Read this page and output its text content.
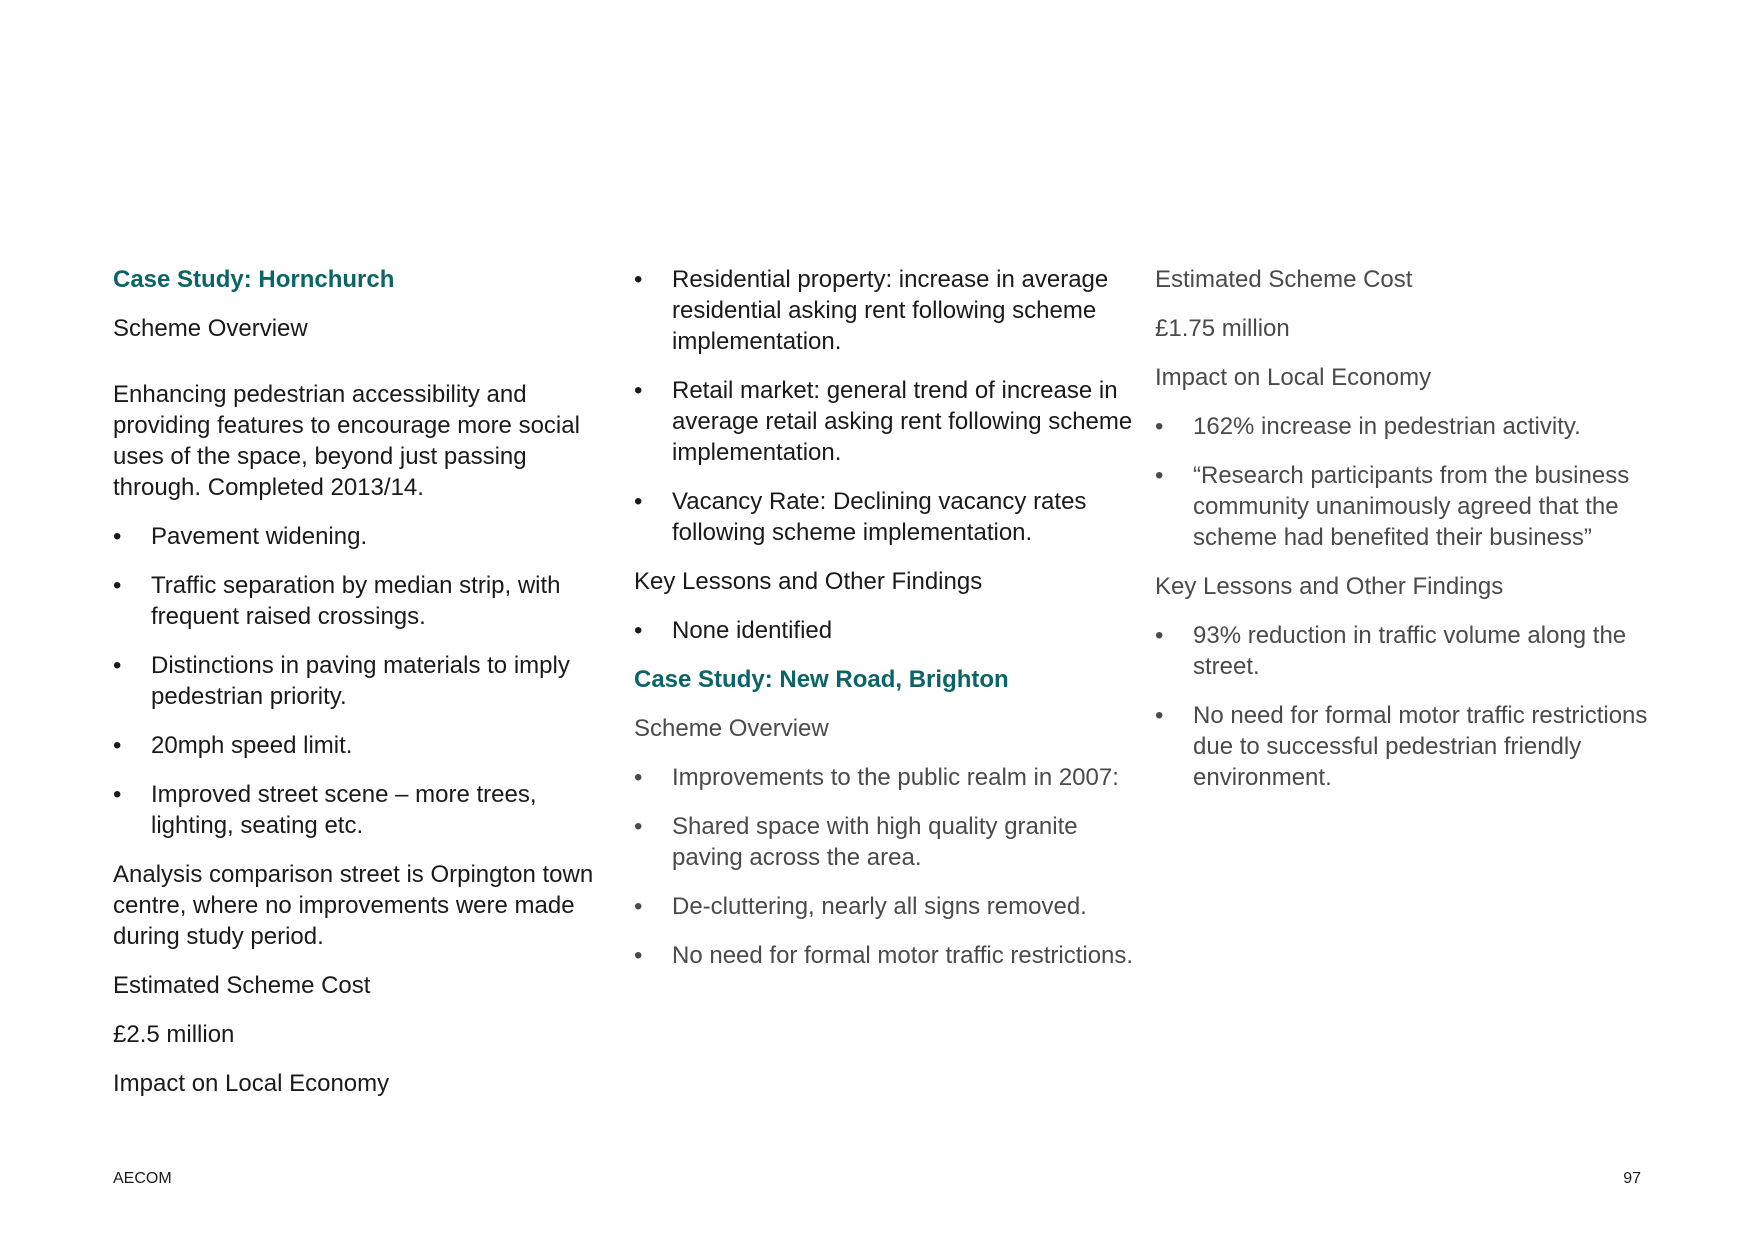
Case Study: Hornchurch
Scheme Overview

Enhancing pedestrian accessibility and providing features to encourage more social uses of the space, beyond just passing through. Completed 2013/14.

• Pavement widening.
• Traffic separation by median strip, with frequent raised crossings.
• Distinctions in paving materials to imply pedestrian priority.
• 20mph speed limit.
• Improved street scene – more trees, lighting, seating etc.

Analysis comparison street is Orpington town centre, where no improvements were made during study period.

Estimated Scheme Cost
£2.5 million
Impact on Local Economy
• Residential property: increase in average residential asking rent following scheme implementation.
• Retail market: general trend of increase in average retail asking rent following scheme implementation.
• Vacancy Rate: Declining vacancy rates following scheme implementation.
Key Lessons and Other Findings
• None identified
Case Study: New Road, Brighton
Scheme Overview
• Improvements to the public realm in 2007:
• Shared space with high quality granite paving across the area.
• De-cluttering, nearly all signs removed.
• No need for formal motor traffic restrictions.
Estimated Scheme Cost
£1.75 million
Impact on Local Economy
• 162% increase in pedestrian activity.
• “Research participants from the business community unanimously agreed that the scheme had benefited their business”
Key Lessons and Other Findings
• 93% reduction in traffic volume along the street.
• No need for formal motor traffic restrictions due to successful pedestrian friendly environment.
AECOM	97
